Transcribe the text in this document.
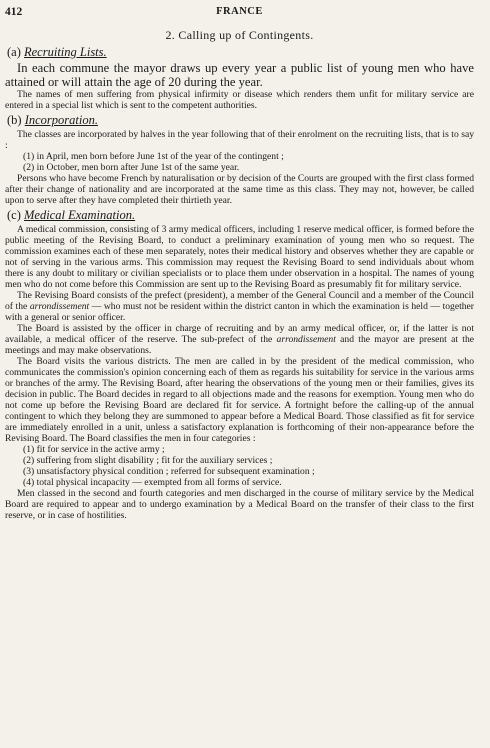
412	FRANCE
2. Calling up of Contingents.
(a) Recruiting Lists.

In each commune the mayor draws up every year a public list of young men who have attained or will attain the age of 20 during the year.

The names of men suffering from physical infirmity or disease which renders them unfit for military service are entered in a special list which is sent to the competent authorities.

(b) Incorporation.

The classes are incorporated by halves in the year following that of their enrolment on the recruiting lists, that is to say :

(1) in April, men born before June 1st of the year of the contingent ;
(2) in October, men born after June 1st of the same year.

Persons who have become French by naturalisation or by decision of the Courts are grouped with the first class formed after their change of nationality and are incorporated at the same time as this class. They may not, however, be called upon to serve after they have completed their thirtieth year.

(c) Medical Examination.

A medical commission, consisting of 3 army medical officers, including 1 reserve medical officer, is formed before the public meeting of the Revising Board, to conduct a preliminary examination of young men who so request. The commission examines each of these men separately, notes their medical history and observes whether they are capable or not of serving in the various arms. This commission may request the Revising Board to send individuals about whom there is any doubt to military or civilian specialists or to place them under observation in a hospital. The names of young men who do not come before this Commission are sent up to the Revising Board as presumably fit for military service.

The Revising Board consists of the prefect (president), a member of the General Council and a member of the Council of the arrondissement — who must not be resident within the district canton in which the examination is held — together with a general or senior officer.

The Board is assisted by the officer in charge of recruiting and by an army medical officer, or, if the latter is not available, a medical officer of the reserve. The sub-prefect of the arrondissement and the mayor are present at the meetings and may make observations.

The Board visits the various districts. The men are called in by the president of the medical commission, who communicates the commission's opinion concerning each of them as regards his suitability for service in the various arms or branches of the army. The Revising Board, after hearing the observations of the young men or their families, gives its decision in public. The Board decides in regard to all objections made and the reasons for exemption. Young men who do not come up before the Revising Board are declared fit for service. A fortnight before the calling-up of the annual contingent to which they belong they are summoned to appear before a Medical Board. Those classified as fit for service are immediately enrolled in a unit, unless a satisfactory explanation is forthcoming of their non-appearance before the Revising Board. The Board classifies the men in four categories :

(1) fit for service in the active army ;
(2) suffering from slight disability ; fit for the auxiliary services ;
(3) unsatisfactory physical condition ; referred for subsequent examination ;
(4) total physical incapacity — exempted from all forms of service.

Men classed in the second and fourth categories and men discharged in the course of military service by the Medical Board are required to appear and to undergo examination by a Medical Board on the transfer of their class to the first reserve, or in case of hostilities.
